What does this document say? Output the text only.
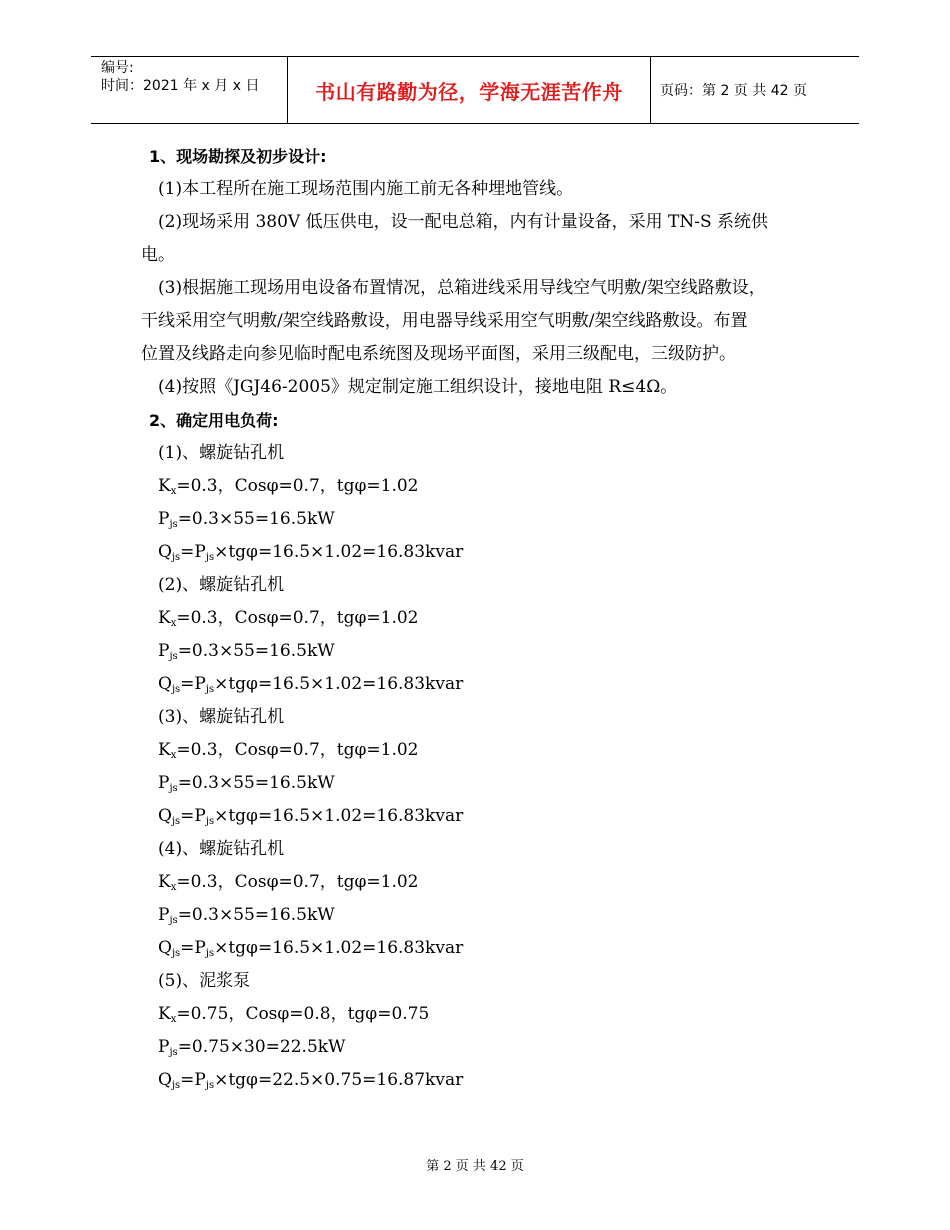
编号:
时间：2021 年 x 月 x 日	书山有路勤为径，学海无涯苦作舟	页码：第 2 页 共 42 页
1、现场勘探及初步设计:
(1)本工程所在施工现场范围内施工前无各种埋地管线。
(2)现场采用 380V 低压供电，设一配电总箱，内有计量设备，采用 TN-S 系统供
电。
(3)根据施工现场用电设备布置情况，总箱进线采用导线空气明敷/架空线路敷设，
干线采用空气明敷/架空线路敷设，用电器导线采用空气明敷/架空线路敷设。布置
位置及线路走向参见临时配电系统图及现场平面图，采用三级配电，三级防护。
(4)按照《JGJ46-2005》规定制定施工组织设计，接地电阻 R≤4Ω。
2、确定用电负荷:
(1)、螺旋钻孔机
$K_x=0.3$，Cosφ=0.7，tgφ=1.02
$P_{js}=0.3\times 55=16.5kW$
$Q_{js}=P_{js}\times tg\varphi=16.5\times 1.02=16.83kvar$
(2)、螺旋钻孔机
$K_x=0.3$，Cosφ=0.7，tgφ=1.02
$P_{js}=0.3\times 55=16.5kW$
$Q_{js}=P_{js}\times tg\varphi=16.5\times 1.02=16.83kvar$
(3)、螺旋钻孔机
$K_x=0.3$，Cosφ=0.7，tgφ=1.02
$P_{js}=0.3\times 55=16.5kW$
$Q_{js}=P_{js}\times tg\varphi=16.5\times 1.02=16.83kvar$
(4)、螺旋钻孔机
$K_x=0.3$，Cosφ=0.7，tgφ=1.02
$P_{js}=0.3\times 55=16.5kW$
$Q_{js}=P_{js}\times tg\varphi=16.5\times 1.02=16.83kvar$
(5)、泥浆泵
$K_x=0.75$，Cosφ=0.8，tgφ=0.75
$P_{js}=0.75\times 30=22.5kW$
$Q_{js}=P_{js}\times tg\varphi=22.5\times 0.75=16.87kvar$
第 2 页 共 42 页
